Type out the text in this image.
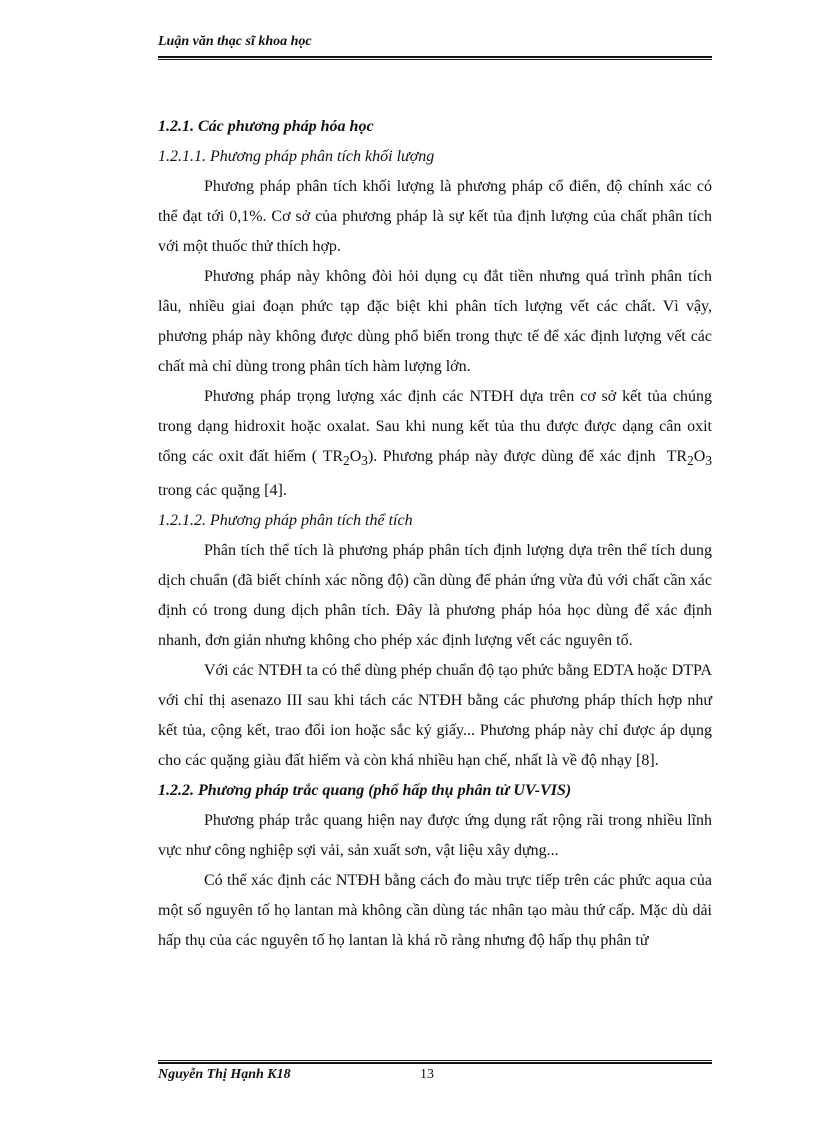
Luận văn thạc sĩ khoa học

1.2.1. Các phương pháp hóa học

1.2.1.1. Phương pháp phân tích khối lượng

Phương pháp phân tích khối lượng là phương pháp cổ điển, độ chính xác có thể đạt tới 0,1%. Cơ sở của phương pháp là sự kết tủa định lượng của chất phân tích với một thuốc thử thích hợp.

Phương pháp này không đòi hỏi dụng cụ đắt tiền nhưng quá trình phân tích lâu, nhiều giai đoạn phức tạp đặc biệt khi phân tích lượng vết các chất. Vì vậy, phương pháp này không được dùng phổ biến trong thực tế để xác định lượng vết các chất mà chỉ dùng trong phân tích hàm lượng lớn.

Phương pháp trọng lượng xác định các NTĐH dựa trên cơ sở kết tủa chúng trong dạng hidroxit hoặc oxalat. Sau khi nung kết tủa thu được được dạng cân oxit tổng các oxit đất hiếm ( $TR_2O_3$). Phương pháp này được dùng để xác định $TR_2O_3$ trong các quặng [4].

1.2.1.2. Phương pháp phân tích thể tích

Phân tích thể tích là phương pháp phân tích định lượng dựa trên thể tích dung dịch chuẩn (đã biết chính xác nồng độ) cần dùng để phản ứng vừa đủ với chất cần xác định có trong dung dịch phân tích. Đây là phương pháp hóa học dùng để xác định nhanh, đơn giản nhưng không cho phép xác định lượng vết các nguyên tố.

Với các NTĐH ta có thể dùng phép chuẩn độ tạo phức bằng EDTA hoặc DTPA với chỉ thị asenazo III sau khi tách các NTĐH bằng các phương pháp thích hợp như kết tủa, cộng kết, trao đổi ion hoặc sắc ký giấy... Phương pháp này chỉ được áp dụng cho các quặng giàu đất hiếm và còn khá nhiều hạn chế, nhất là về độ nhạy [8].

1.2.2. Phương pháp trắc quang (phổ hấp thụ phân tử UV-VIS)

Phương pháp trắc quang hiện nay được ứng dụng rất rộng rãi trong nhiều lĩnh vực như công nghiệp sợi vải, sản xuất sơn, vật liệu xây dựng...

Có thể xác định các NTĐH bằng cách đo màu trực tiếp trên các phức aqua của một số nguyên tố họ lantan mà không cần dùng tác nhân tạo màu thứ cấp. Mặc dù dải hấp thụ của các nguyên tố họ lantan là khá rõ ràng nhưng độ hấp thụ phân tử

Nguyễn Thị Hạnh K18	13
